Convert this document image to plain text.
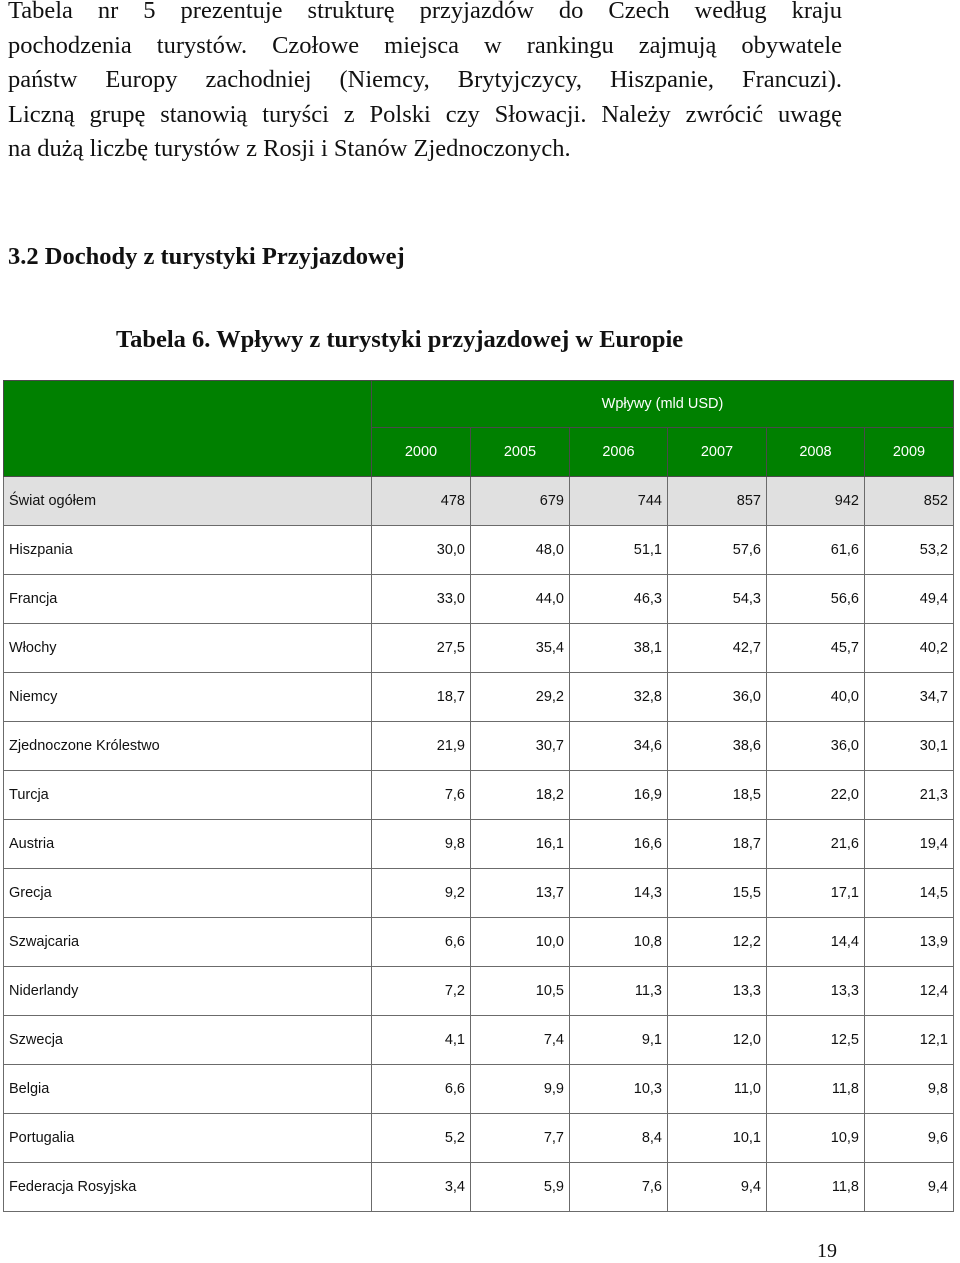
Tabela nr 5 prezentuje strukturę przyjazdów do Czech według kraju
pochodzenia turystów. Czołowe miejsca w rankingu zajmują obywatele
państw Europy zachodniej (Niemcy, Brytyjczycy, Hiszpanie, Francuzi).
Liczną grupę stanowią turyści z Polski czy Słowacji. Należy zwrócić uwagę
na dużą liczbę turystów z Rosji i Stanów Zjednoczonych.
3.2 Dochody z turystyki Przyjazdowej
Tabela 6. Wpływy z turystyki przyjazdowej w Europie
	Wpływy (mld USD)					
	2000	2005	2006	2007	2008	2009
Świat ogółem	478	679	744	857	942	852
Hiszpania	30,0	48,0	51,1	57,6	61,6	53,2
Francja	33,0	44,0	46,3	54,3	56,6	49,4
Włochy	27,5	35,4	38,1	42,7	45,7	40,2
Niemcy	18,7	29,2	32,8	36,0	40,0	34,7
Zjednoczone Królestwo	21,9	30,7	34,6	38,6	36,0	30,1
Turcja	7,6	18,2	16,9	18,5	22,0	21,3
Austria	9,8	16,1	16,6	18,7	21,6	19,4
Grecja	9,2	13,7	14,3	15,5	17,1	14,5
Szwajcaria	6,6	10,0	10,8	12,2	14,4	13,9
Niderlandy	7,2	10,5	11,3	13,3	13,3	12,4
Szwecja	4,1	7,4	9,1	12,0	12,5	12,1
Belgia	6,6	9,9	10,3	11,0	11,8	9,8
Portugalia	5,2	7,7	8,4	10,1	10,9	9,6
Federacja Rosyjska	3,4	5,9	7,6	9,4	11,8	9,4

19
